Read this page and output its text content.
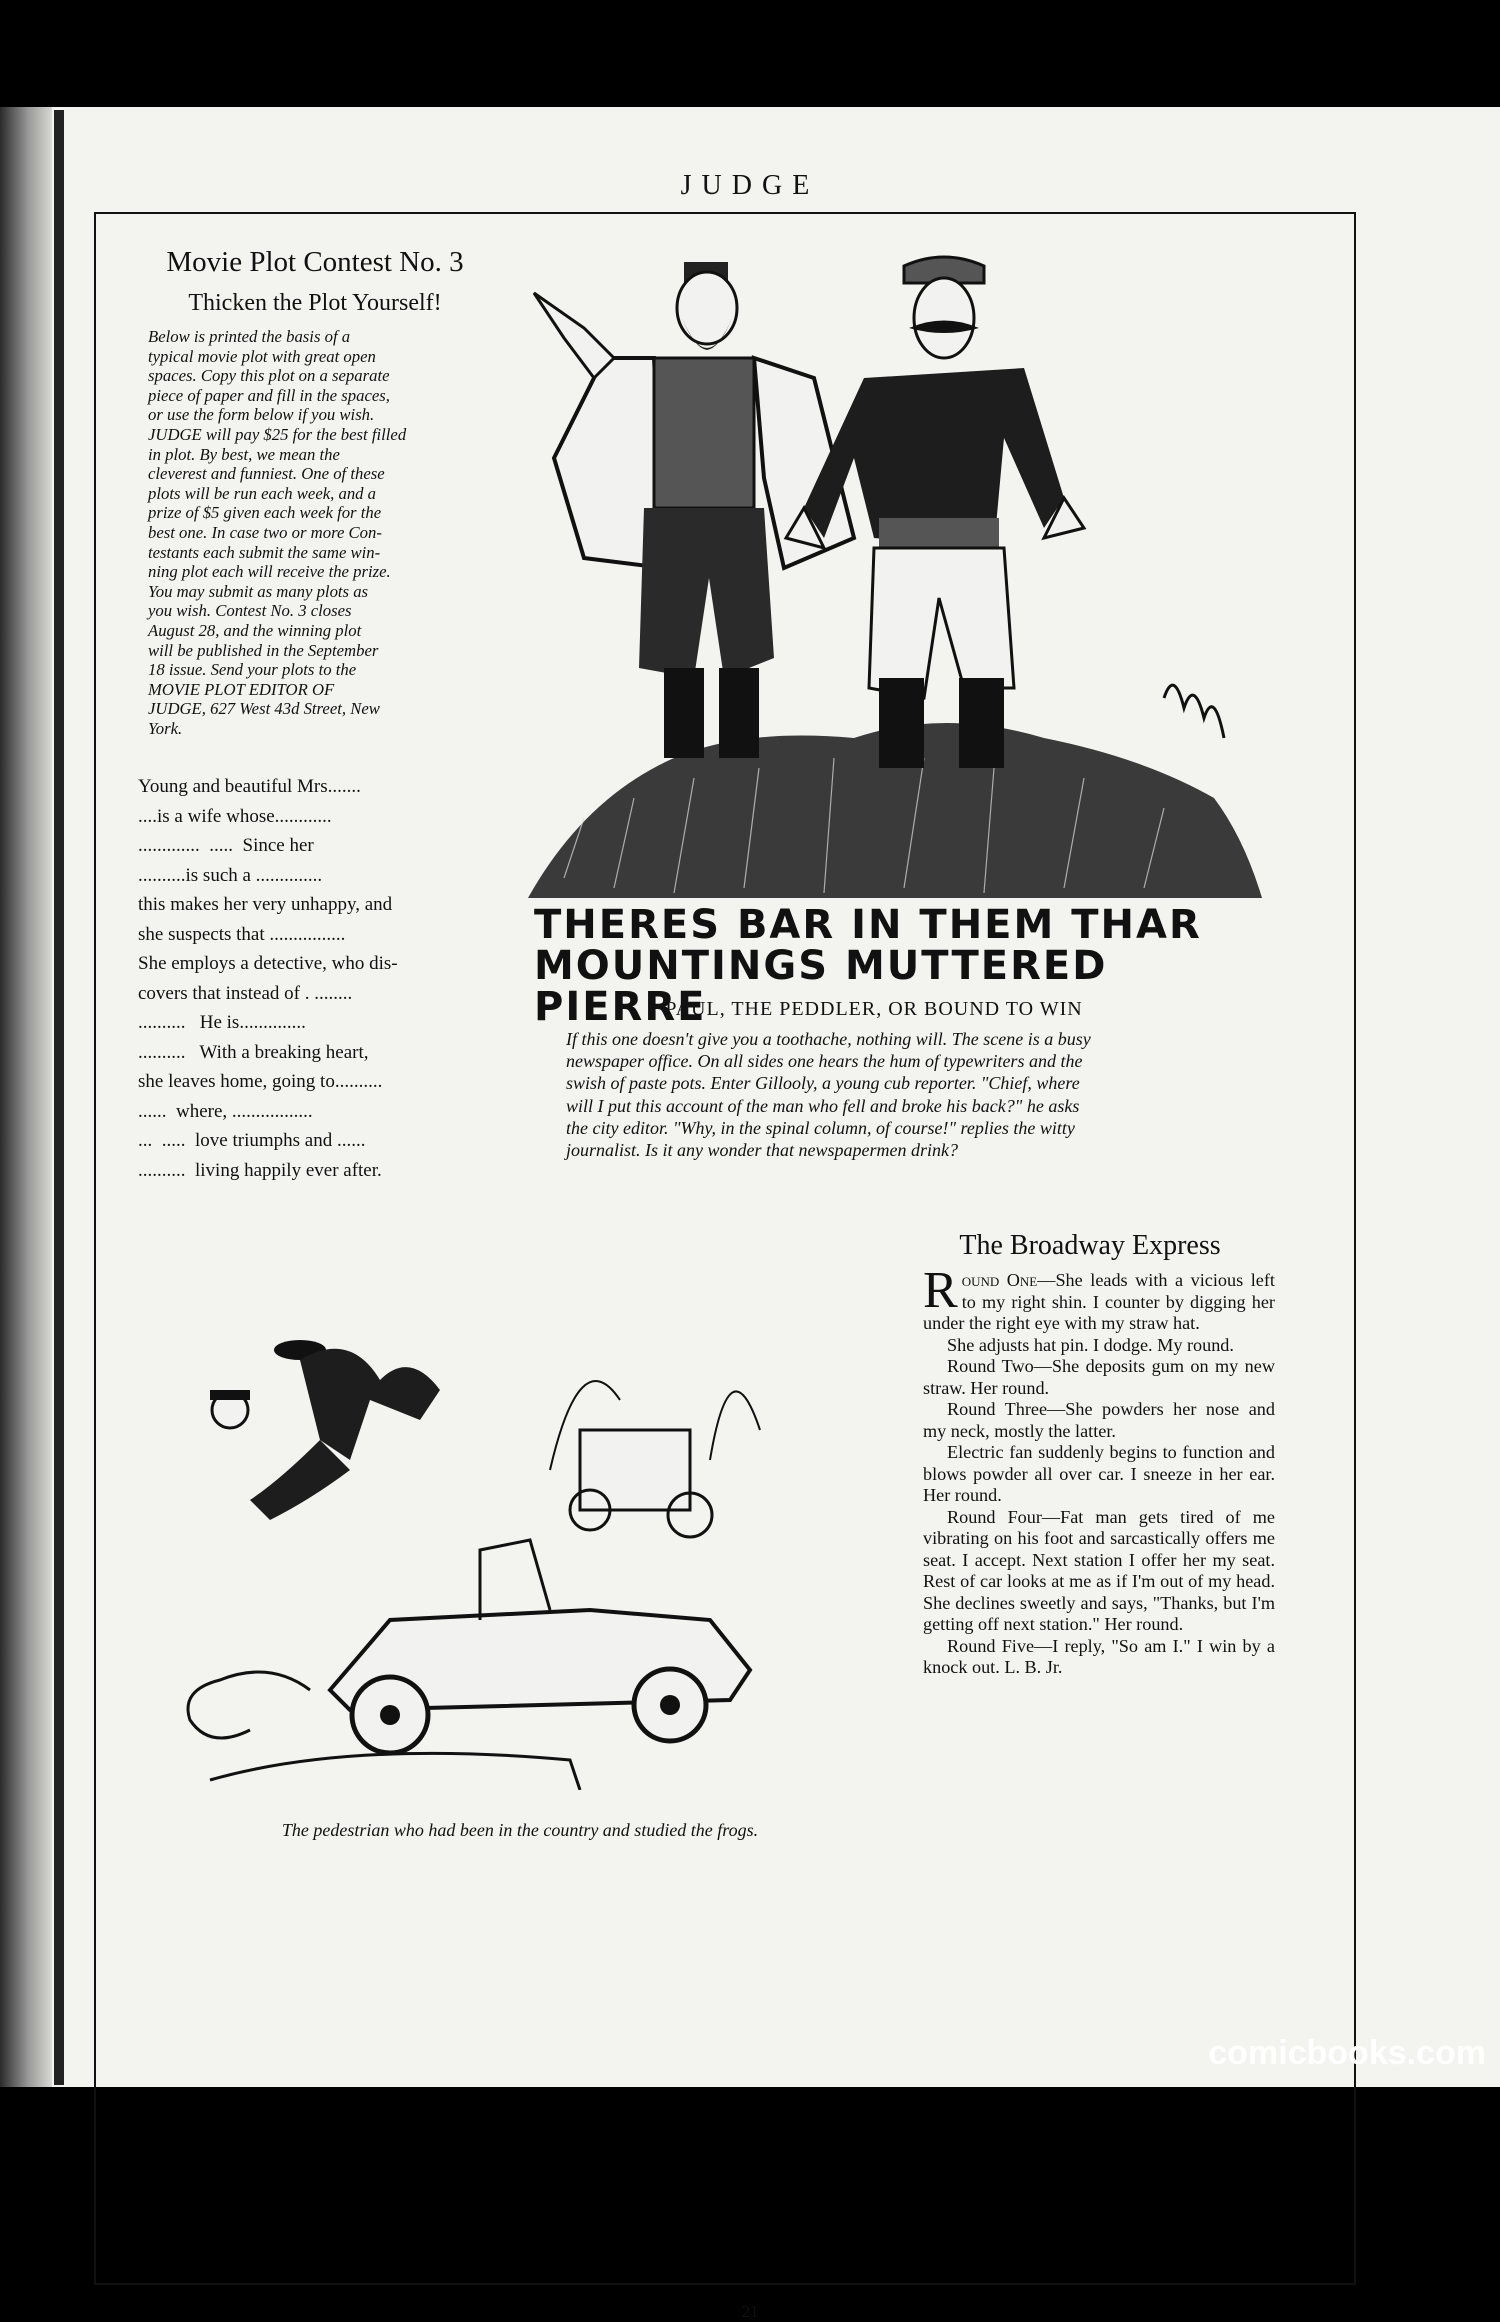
JUDGE
Movie Plot Contest No. 3
Thicken the Plot Yourself!
Below is printed the basis of a
typical movie plot with great open
spaces. Copy this plot on a separate
piece of paper and fill in the spaces,
or use the form below if you wish.
JUDGE will pay $25 for the best filled
in plot. By best, we mean the
cleverest and funniest. One of these
plots will be run each week, and a
prize of $5 given each week for the
best one. In case two or more Con-
testants each submit the same win-
ning plot each will receive the prize.
You may submit as many plots as
you wish. Contest No. 3 closes
August 28, and the winning plot
will be published in the September
18 issue. Send your plots to the
MOVIE PLOT EDITOR OF
JUDGE, 627 West 43d Street, New
York.
Young and beautiful Mrs.......
....is a wife whose............
.............  .....  Since her
..........is such a ..............
this makes her very unhappy, and
she suspects that ................
She employs a detective, who dis-
covers that instead of . ........
..........   He is..............
..........   With a breaking heart,
she leaves home, going to..........
......  where, .................
...  .....  love triumphs and ......
..........  living happily ever after.
THERES BAR IN THEM THAR
MOUNTINGS MUTTERED PIERRE
PAUL, THE PEDDLER, OR BOUND TO WIN
If this one doesn't give you a toothache, nothing will. The scene is a busy
newspaper office. On all sides one hears the hum of typewriters and the
swish of paste pots. Enter Gillooly, a young cub reporter. "Chief, where
will I put this account of the man who fell and broke his back?" he asks
the city editor. "Why, in the spinal column, of course!" replies the witty
journalist. Is it any wonder that newspapermen drink?
The pedestrian who had been in the country and studied the frogs.
The Broadway Express

Round One—She leads with a vicious left to my right shin. I counter by digging her under the right eye with my straw hat.

She adjusts hat pin. I dodge. My round.

Round Two—She deposits gum on my new straw. Her round.

Round Three—She powders her nose and my neck, mostly the latter.

Electric fan suddenly begins to function and blows powder all over car. I sneeze in her ear. Her round.

Round Four—Fat man gets tired of me vibrating on his foot and sarcastically offers me seat. I accept. Next station I offer her my seat. Rest of car looks at me as if I'm out of my head. She declines sweetly and says, "Thanks, but I'm getting off next station." Her round.

Round Five—I reply, "So am I." I win by a knock out. L. B. Jr.

21
comicbooks.com
